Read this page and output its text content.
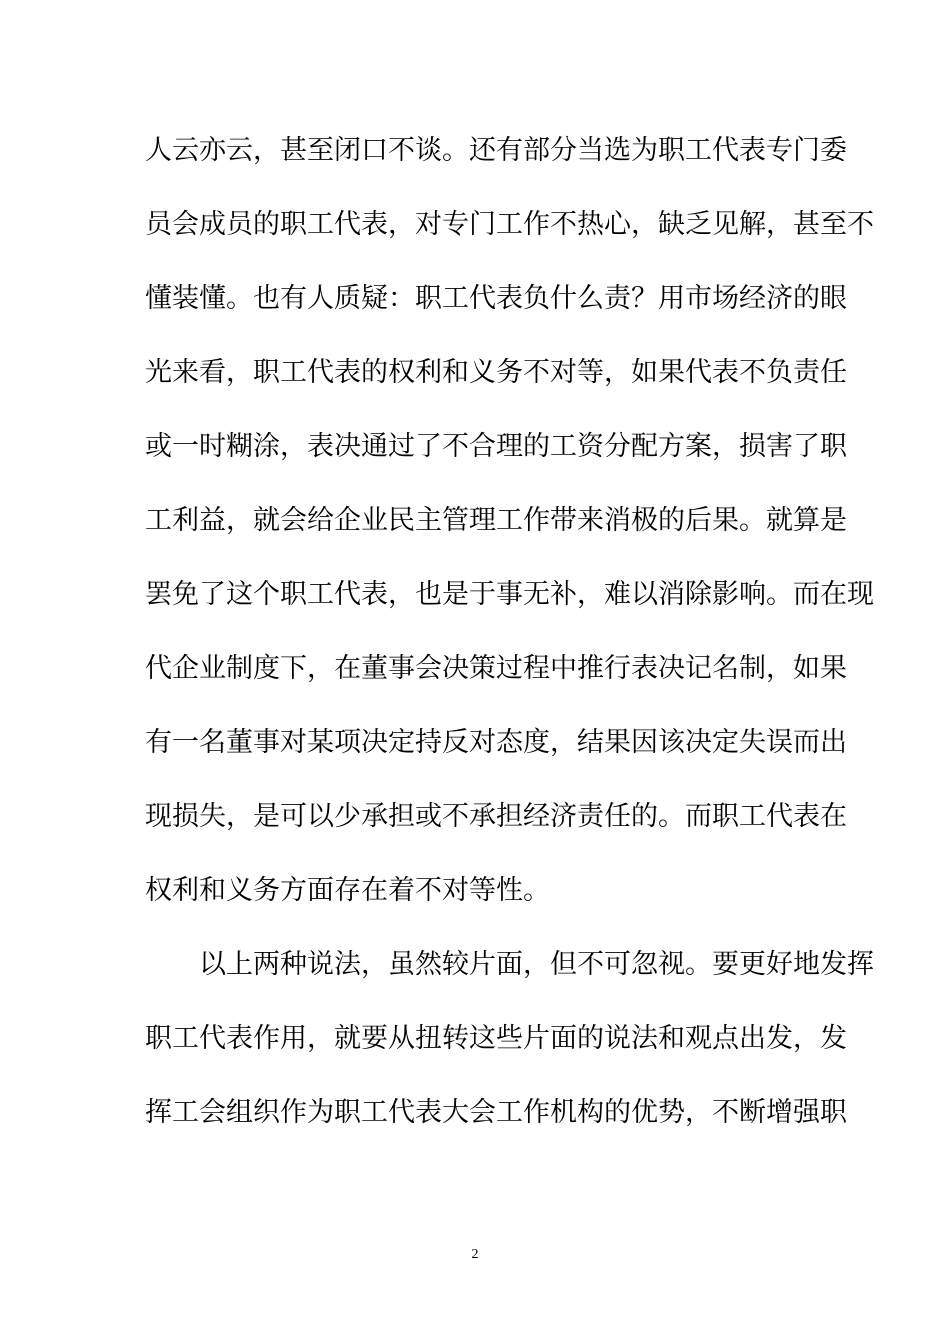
人云亦云，甚至闭口不谈。还有部分当选为职工代表专门委
员会成员的职工代表，对专门工作不热心，缺乏见解，甚至不
懂装懂。也有人质疑：职工代表负什么责？用市场经济的眼
光来看，职工代表的权利和义务不对等，如果代表不负责任
或一时糊涂，表决通过了不合理的工资分配方案，损害了职
工利益，就会给企业民主管理工作带来消极的后果。就算是
罢免了这个职工代表，也是于事无补，难以消除影响。而在现
代企业制度下，在董事会决策过程中推行表决记名制，如果
有一名董事对某项决定持反对态度，结果因该决定失误而出
现损失，是可以少承担或不承担经济责任的。而职工代表在
权利和义务方面存在着不对等性。
以上两种说法，虽然较片面，但不可忽视。要更好地发挥
职工代表作用，就要从扭转这些片面的说法和观点出发，发
挥工会组织作为职工代表大会工作机构的优势，不断增强职
2
